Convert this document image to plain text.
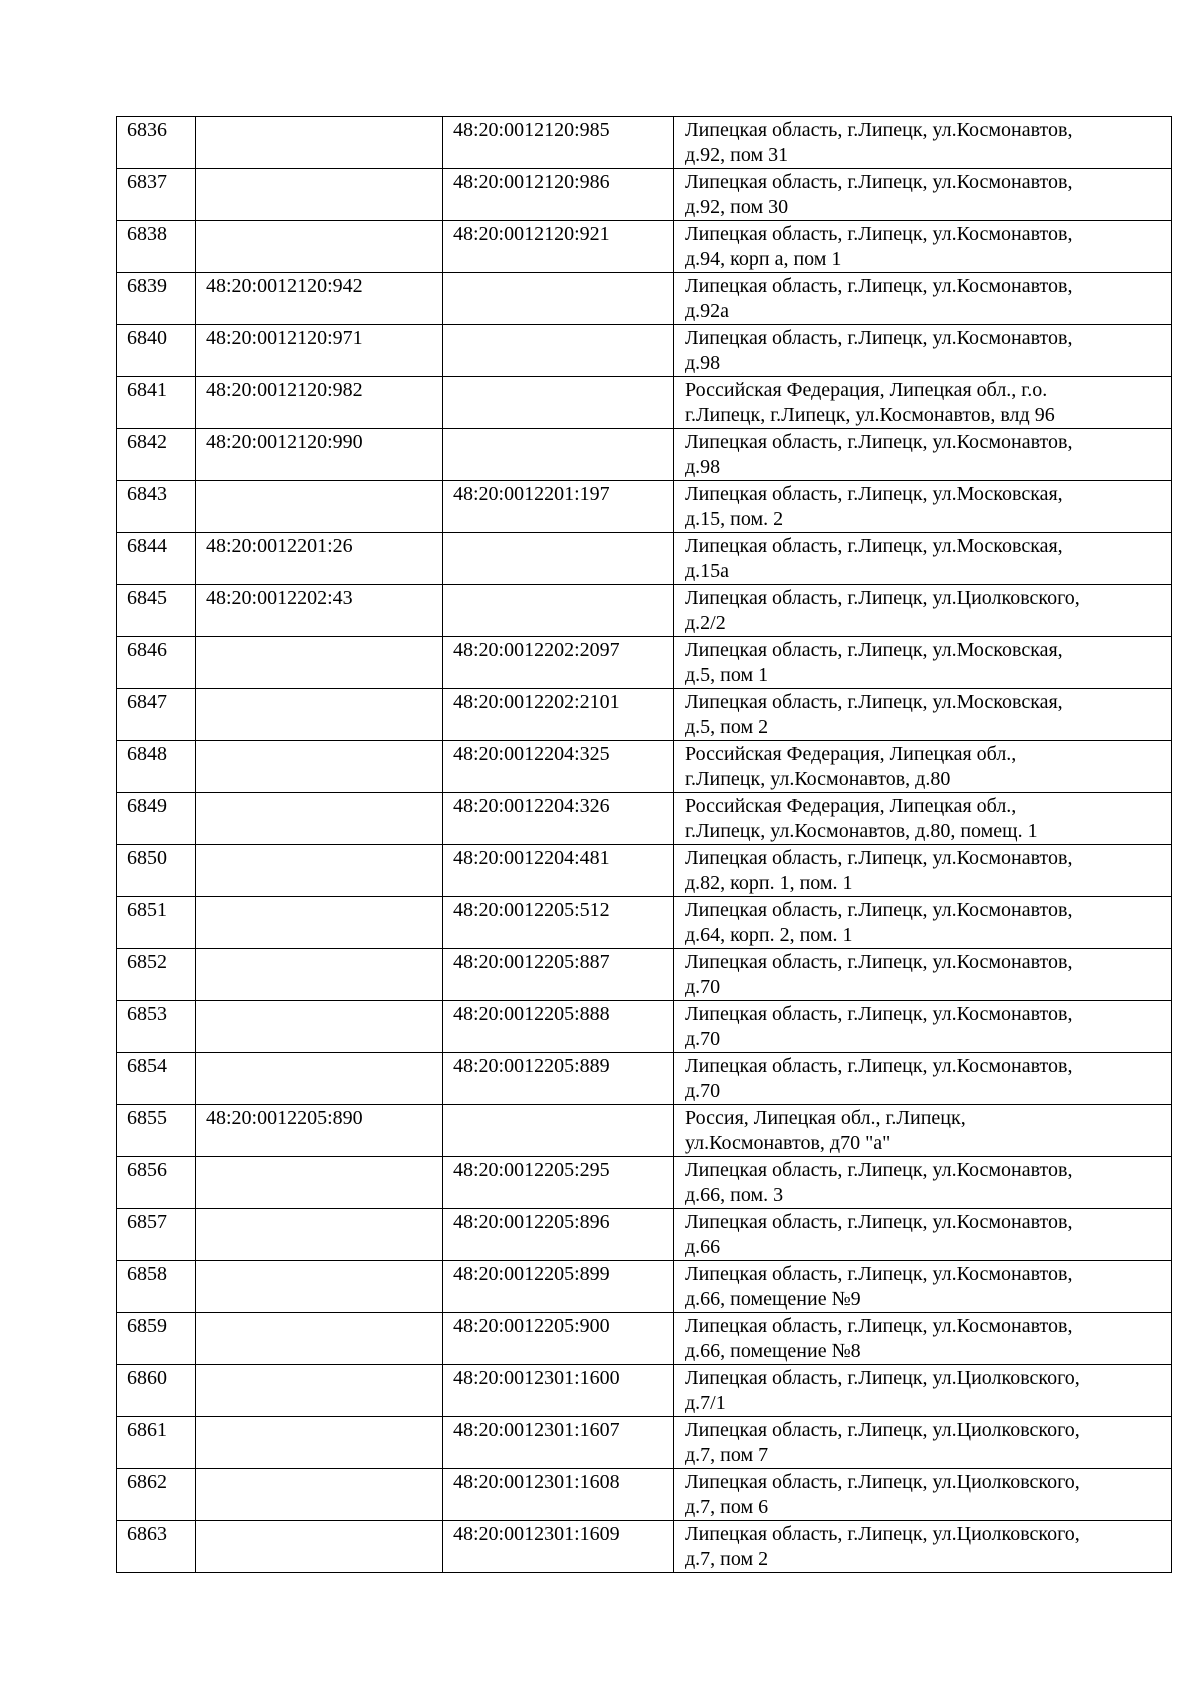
6836		48:20:0012120:985	Липецкая область, г.Липецк, ул.Космонавтов,
д.92, пом 31
6837		48:20:0012120:986	Липецкая область, г.Липецк, ул.Космонавтов,
д.92, пом 30
6838		48:20:0012120:921	Липецкая область, г.Липецк, ул.Космонавтов,
д.94, корп а, пом 1
6839	48:20:0012120:942		Липецкая область, г.Липецк, ул.Космонавтов,
д.92а
6840	48:20:0012120:971		Липецкая область, г.Липецк, ул.Космонавтов,
д.98
6841	48:20:0012120:982		Российская Федерация, Липецкая обл., г.о.
г.Липецк, г.Липецк, ул.Космонавтов, влд 96
6842	48:20:0012120:990		Липецкая область, г.Липецк, ул.Космонавтов,
д.98
6843		48:20:0012201:197	Липецкая область, г.Липецк, ул.Московская,
д.15, пом. 2
6844	48:20:0012201:26		Липецкая область, г.Липецк, ул.Московская,
д.15а
6845	48:20:0012202:43		Липецкая область, г.Липецк, ул.Циолковского,
д.2/2
6846		48:20:0012202:2097	Липецкая область, г.Липецк, ул.Московская,
д.5, пом 1
6847		48:20:0012202:2101	Липецкая область, г.Липецк, ул.Московская,
д.5, пом 2
6848		48:20:0012204:325	Российская Федерация, Липецкая обл.,
г.Липецк, ул.Космонавтов, д.80
6849		48:20:0012204:326	Российская Федерация, Липецкая обл.,
г.Липецк, ул.Космонавтов, д.80, помещ. 1
6850		48:20:0012204:481	Липецкая область, г.Липецк, ул.Космонавтов,
д.82, корп. 1, пом. 1
6851		48:20:0012205:512	Липецкая область, г.Липецк, ул.Космонавтов,
д.64, корп. 2, пом. 1
6852		48:20:0012205:887	Липецкая область, г.Липецк, ул.Космонавтов,
д.70
6853		48:20:0012205:888	Липецкая область, г.Липецк, ул.Космонавтов,
д.70
6854		48:20:0012205:889	Липецкая область, г.Липецк, ул.Космонавтов,
д.70
6855	48:20:0012205:890		Россия, Липецкая обл., г.Липецк,
ул.Космонавтов, д70 "а"
6856		48:20:0012205:295	Липецкая область, г.Липецк, ул.Космонавтов,
д.66, пом. 3
6857		48:20:0012205:896	Липецкая область, г.Липецк, ул.Космонавтов,
д.66
6858		48:20:0012205:899	Липецкая область, г.Липецк, ул.Космонавтов,
д.66, помещение №9
6859		48:20:0012205:900	Липецкая область, г.Липецк, ул.Космонавтов,
д.66, помещение №8
6860		48:20:0012301:1600	Липецкая область, г.Липецк, ул.Циолковского,
д.7/1
6861		48:20:0012301:1607	Липецкая область, г.Липецк, ул.Циолковского,
д.7, пом 7
6862		48:20:0012301:1608	Липецкая область, г.Липецк, ул.Циолковского,
д.7, пом 6
6863		48:20:0012301:1609	Липецкая область, г.Липецк, ул.Циолковского,
д.7, пом 2
